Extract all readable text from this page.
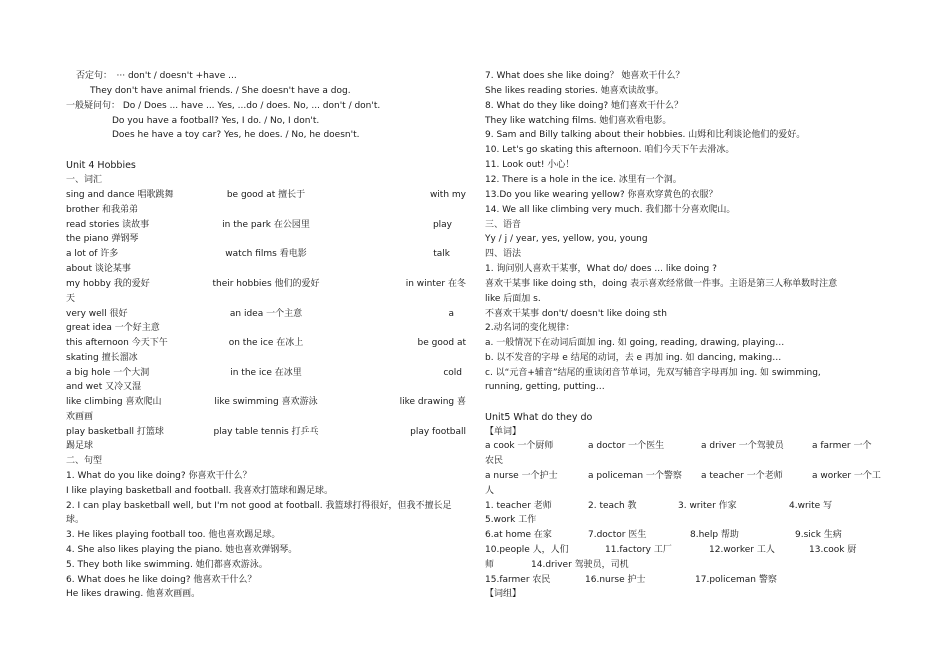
否定句：　··· don't / doesn't +have ...
They don't have animal friends. / She doesn't have a dog.
一般疑问句： Do / Does ... have ... Yes, ...do / does. No, ... don't / don't.
Do you have a football? Yes, I do. / No, I don't.
Does he have a toy car? Yes, he does. / No, he doesn't.
Unit 4 Hobbies
一、词汇
sing and dance 唱歌跳舞	be good at 擅长于	with my
brother 和我弟弟
read stories 读故事	in the park 在公园里	play
the piano 弹钢琴
a lot of 许多	watch films 看电影	talk
about 谈论某事
my hobby 我的爱好	their hobbies 他们的爱好	in winter 在冬
天
very well 很好	an idea 一个主意	a
great idea 一个好主意
this afternoon 今天下午	on the ice 在冰上	be good at
skating 擅长溜冰
a big hole 一个大洞	in the ice 在冰里	cold
and wet 又冷又湿
like climbing 喜欢爬山	like swimming 喜欢游泳	like drawing 喜
欢画画
play basketball 打篮球	play table tennis 打乒乓	play football
踢足球
二、句型
1. What do you like doing? 你喜欢干什么？
I like playing basketball and football. 我喜欢打篮球和踢足球。
2. I can play basketball well, but I'm not good at football. 我篮球打得很好，但我不擅长足
球。
3. He likes playing football too. 他也喜欢踢足球。
4. She also likes playing the piano. 她也喜欢弹钢琴。
5. They both like swimming. 她们都喜欢游泳。
6. What does he like doing? 他喜欢干什么？
He likes drawing. 他喜欢画画。
7. What does she like doing？ 她喜欢干什么？
She likes reading stories. 她喜欢读故事。
8. What do they like doing? 她们喜欢干什么？
They like watching films. 她们喜欢看电影。
9. Sam and Billy talking about their hobbies. 山姆和比利谈论他们的爱好。
10. Let's go skating this afternoon. 咱们今天下午去滑冰。
11. Look out! 小心！
12. There is a hole in the ice. 冰里有一个洞。
13.Do you like wearing yellow? 你喜欢穿黄色的衣服？
14. We all like climbing very much. 我们都十分喜欢爬山。
三、语音
Yy / j / year, yes, yellow, you, young
四、语法
1. 询问别人喜欢干某事，What do/ does ... like doing ?
喜欢干某事 like doing sth，doing 表示喜欢经常做一件事。主语是第三人称单数时注意
like 后面加 s.
不喜欢干某事 don't/ doesn't like doing sth
2.动名词的变化规律：
a. 一般情况下在动词后面加 ing. 如 going, reading, drawing, playing…
b. 以不发音的字母 e 结尾的动词，去 e 再加 ing. 如 dancing, making…
c. 以“元音+辅音”结尾的重读闭音节单词，先双写辅音字母再加 ing. 如 swimming,
running, getting, putting…
Unit5 What do they do
【单词】
a cook 一个厨师	a doctor 一个医生	a driver 一个驾驶员	a farmer 一个
农民
a nurse 一个护士	a policeman 一个警察 a teacher 一个老师	a worker 一个工
人
1. teacher 老师	2. teach 教	3. writer 作家	4.write 写
5.work 工作
6.at home 在家	7.doctor 医生	8.help 帮助	9.sick 生病
10.people 人，人们	11.factory 工厂	12.worker 工人	13.cook 厨
师	14.driver 驾驶员，司机
15.farmer 农民	16.nurse 护士	17.policeman 警察
【词组】
